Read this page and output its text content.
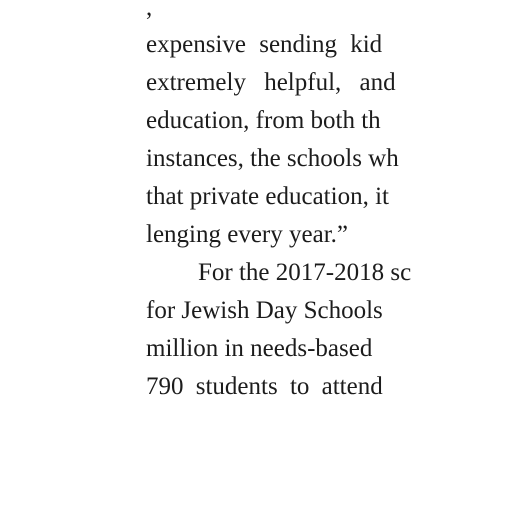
,
expensive sending kid
extremely helpful, and
education, from both th
instances, the schools wh
that private education, it
lenging every year.”
For the 2017-2018 sc
for Jewish Day Schools
million in needs-based
790 students to attend
